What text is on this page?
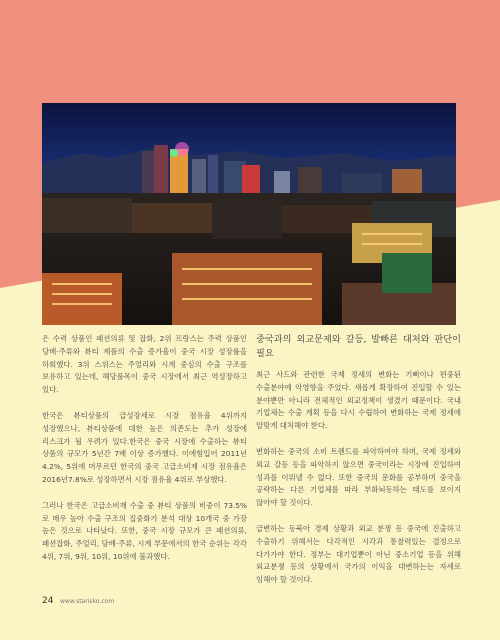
은 수력 상품인 패션의류 및 잡화, 2위 프랑스는 주력 상품인 당배·주류와 뷰티 제품의 수출 증가율이 중국 시장 성장률을 하회했다. 3위 스위스는 주얼리와 시계 중심의 수출 구조를 보유하고 있는데, 해당품목이 중국 시장에서 최근 역성장하고 있다.

한국은 뷰티상품의 급성장세로 시장 점유율 4위까지 성장했으나, 뷰티상품에 대한 높은 의존도는 추가 성장에 리스크가 될 우려가 있다.한국은 중국 시장에 수출하는 뷰티 상품의 규모가 5년간 7배 이상 증가했다. 이에힘입어 2011년 4.2%, 5위에 머무르던 한국의 중국 고급소비재 시장 점유율은 2016년7.8%로 성장하면서 시장 점유율 4위로 부상했다.

그러나 한국은 고급소비재 수출 중 뷰티 상품의 비중이 73.5%로 매우 높아 수출 구조의 집중화가 분석 대상 10개국 중 가장 높은 것으로 나타났다. 또한, 중국 시장 규모가 큰 패션의류, 패션잡화, 주얼리, 담배·주류, 시계 부문에서의 한국 순위는 각각 4위, 7위, 9위, 10위, 10위에 불과했다.

중국과의 외교문제와 갈등, 발빠른 대처와 판단이 필요

최근 사드와 관련한 국제 정세의 변화는 기뻐이나 편중된 수출분야에 악영향을 주었다. 새롭게 확장하여 진입할 수 있는 분야뿐만 아니라 전체적인 외교정책이 생겼기 때문이다. 국내 기업체는 수출 계획 등을 다시 수립하여 변화하는 국제 정세에 알맞게 대처해야 한다.

변화하는 중국의 소비 트렌드를 파악하여야 하며, 국제 정세와 외교 갈등 등을 파악하지 않으면 중국이라는 시장에 진입하여 성과를 이뤄낼 수 없다. 또한 중국의 문화를 공부하며 중국을 공략하는 다른 기업체를 따라 부화뇌동하는 태도를 보이지 않아야 할 것이다.

급변하는 동북아 경제 상황과 외교 분쟁 등 중국에 진출하고 수출하기 위해서는 다각적인 시각과 통찰력있는 결정으로 다가가야 한다. 정부는 대기업뿐이 아닌 중소기업 등을 위해 외교분쟁 등의 상황에서 국가의 이익을 대변하는는 자세로 임해야 할 것이다.

24 www.starisko.com
